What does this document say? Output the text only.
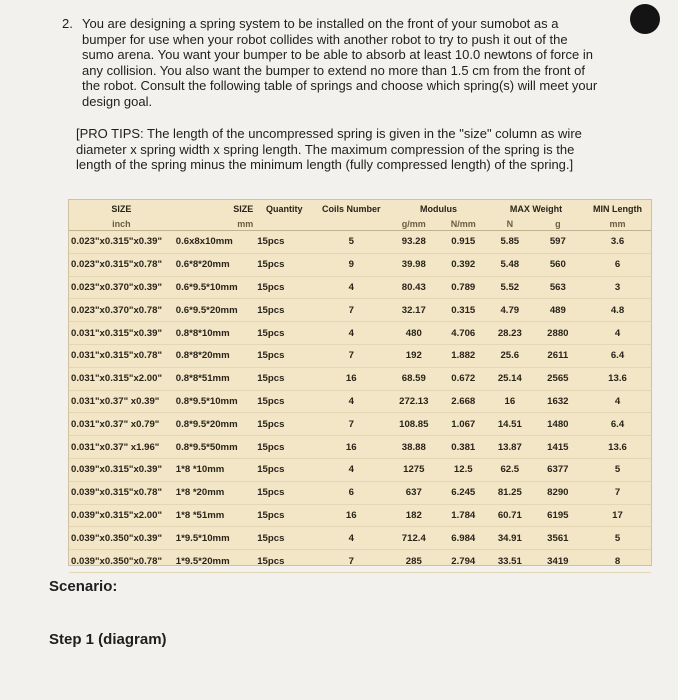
2. You are designing a spring system to be installed on the front of your sumobot as a bumper for use when your robot collides with another robot to try to push it out of the sumo arena. You want your bumper to be able to absorb at least 10.0 newtons of force in any collision. You also want the bumper to extend no more than 1.5 cm from the front of the robot. Consult the following table of springs and choose which spring(s) will meet your design goal.

[PRO TIPS: The length of the uncompressed spring is given in the "size" column as wire diameter x spring width x spring length. The maximum compression of the spring is the length of the spring minus the minimum length (fully compressed length) of the spring.]

SIZE	SIZE	Quantity	Coils Number	Modulus		MAX Weight		MIN Length
inch	mm			g/mm	N/mm	N	g	mm
0.023"x0.315"x0.39"	0.6x8x10mm	15pcs	5	93.28	0.915	5.85	597	3.6
0.023"x0.315"x0.78"	0.6*8*20mm	15pcs	9	39.98	0.392	5.48	560	6
0.023"x0.370"x0.39"	0.6*9.5*10mm	15pcs	4	80.43	0.789	5.52	563	3
0.023"x0.370"x0.78"	0.6*9.5*20mm	15pcs	7	32.17	0.315	4.79	489	4.8
0.031"x0.315"x0.39"	0.8*8*10mm	15pcs	4	480	4.706	28.23	2880	4
0.031"x0.315"x0.78"	0.8*8*20mm	15pcs	7	192	1.882	25.6	2611	6.4
0.031"x0.315"x2.00"	0.8*8*51mm	15pcs	16	68.59	0.672	25.14	2565	13.6
0.031"x0.37" x0.39"	0.8*9.5*10mm	15pcs	4	272.13	2.668	16	1632	4
0.031"x0.37" x0.79"	0.8*9.5*20mm	15pcs	7	108.85	1.067	14.51	1480	6.4
0.031"x0.37" x1.96"	0.8*9.5*50mm	15pcs	16	38.88	0.381	13.87	1415	13.6
0.039"x0.315"x0.39"	1*8 *10mm	15pcs	4	1275	12.5	62.5	6377	5
0.039"x0.315"x0.78"	1*8 *20mm	15pcs	6	637	6.245	81.25	8290	7
0.039"x0.315"x2.00"	1*8 *51mm	15pcs	16	182	1.784	60.71	6195	17
0.039"x0.350"x0.39"	1*9.5*10mm	15pcs	4	712.4	6.984	34.91	3561	5
0.039"x0.350"x0.78"	1*9.5*20mm	15pcs	7	285	2.794	33.51	3419	8

Scenario:

Step 1 (diagram)
